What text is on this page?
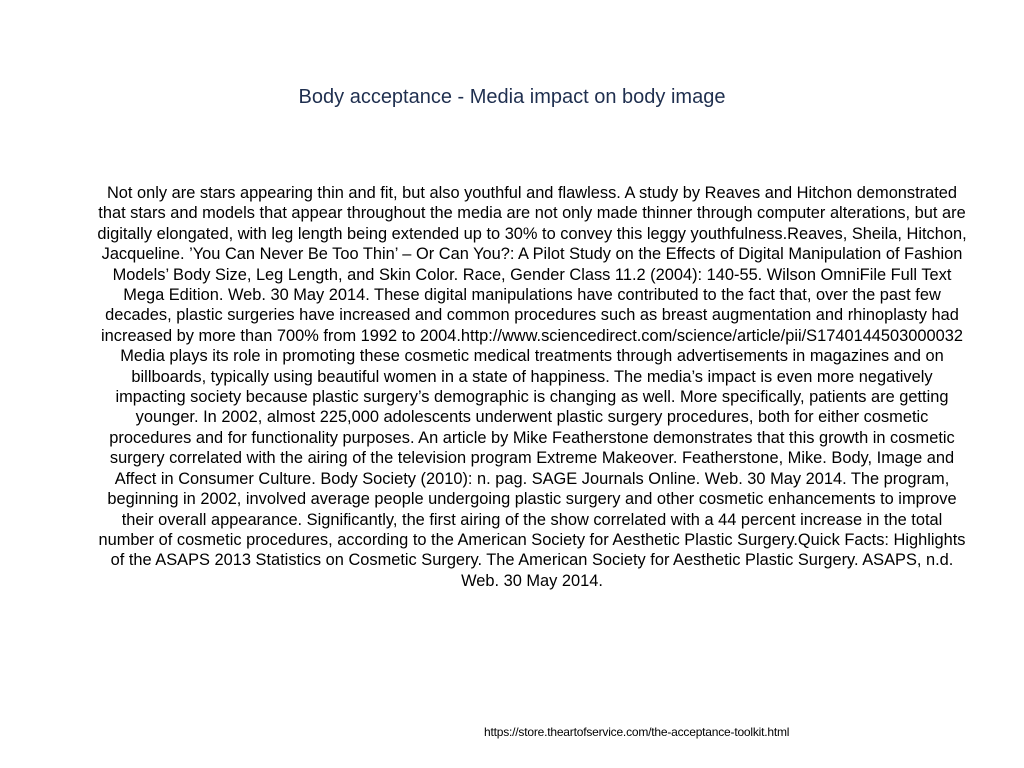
Body acceptance - Media impact on body image
Not only are stars appearing thin and fit, but also youthful and flawless. A study by Reaves and Hitchon demonstrated that stars and models that appear throughout the media are not only made thinner through computer alterations, but are digitally elongated, with leg length being extended up to 30% to convey this leggy youthfulness.Reaves, Sheila, Hitchon, Jacqueline. ’You Can Never Be Too Thin’ – Or Can You?: A Pilot Study on the Effects of Digital Manipulation of Fashion Models’ Body Size, Leg Length, and Skin Color. Race, Gender Class 11.2 (2004): 140-55. Wilson OmniFile Full Text Mega Edition. Web. 30 May 2014. These digital manipulations have contributed to the fact that, over the past few decades, plastic surgeries have increased and common procedures such as breast augmentation and rhinoplasty had increased by more than 700% from 1992 to 2004.http://www.sciencedirect.com/science/article/pii/S1740144503000032 Media plays its role in promoting these cosmetic medical treatments through advertisements in magazines and on billboards, typically using beautiful women in a state of happiness. The media’s impact is even more negatively impacting society because plastic surgery’s demographic is changing as well. More specifically, patients are getting younger. In 2002, almost 225,000 adolescents underwent plastic surgery procedures, both for either cosmetic procedures and for functionality purposes. An article by Mike Featherstone demonstrates that this growth in cosmetic surgery correlated with the airing of the television program Extreme Makeover. Featherstone, Mike. Body, Image and Affect in Consumer Culture. Body Society (2010): n. pag. SAGE Journals Online. Web. 30 May 2014. The program, beginning in 2002, involved average people undergoing plastic surgery and other cosmetic enhancements to improve their overall appearance. Significantly, the first airing of the show correlated with a 44 percent increase in the total number of cosmetic procedures, according to the American Society for Aesthetic Plastic Surgery.Quick Facts: Highlights of the ASAPS 2013 Statistics on Cosmetic Surgery. The American Society for Aesthetic Plastic Surgery. ASAPS, n.d. Web. 30 May 2014.
https://store.theartofservice.com/the-acceptance-toolkit.html
